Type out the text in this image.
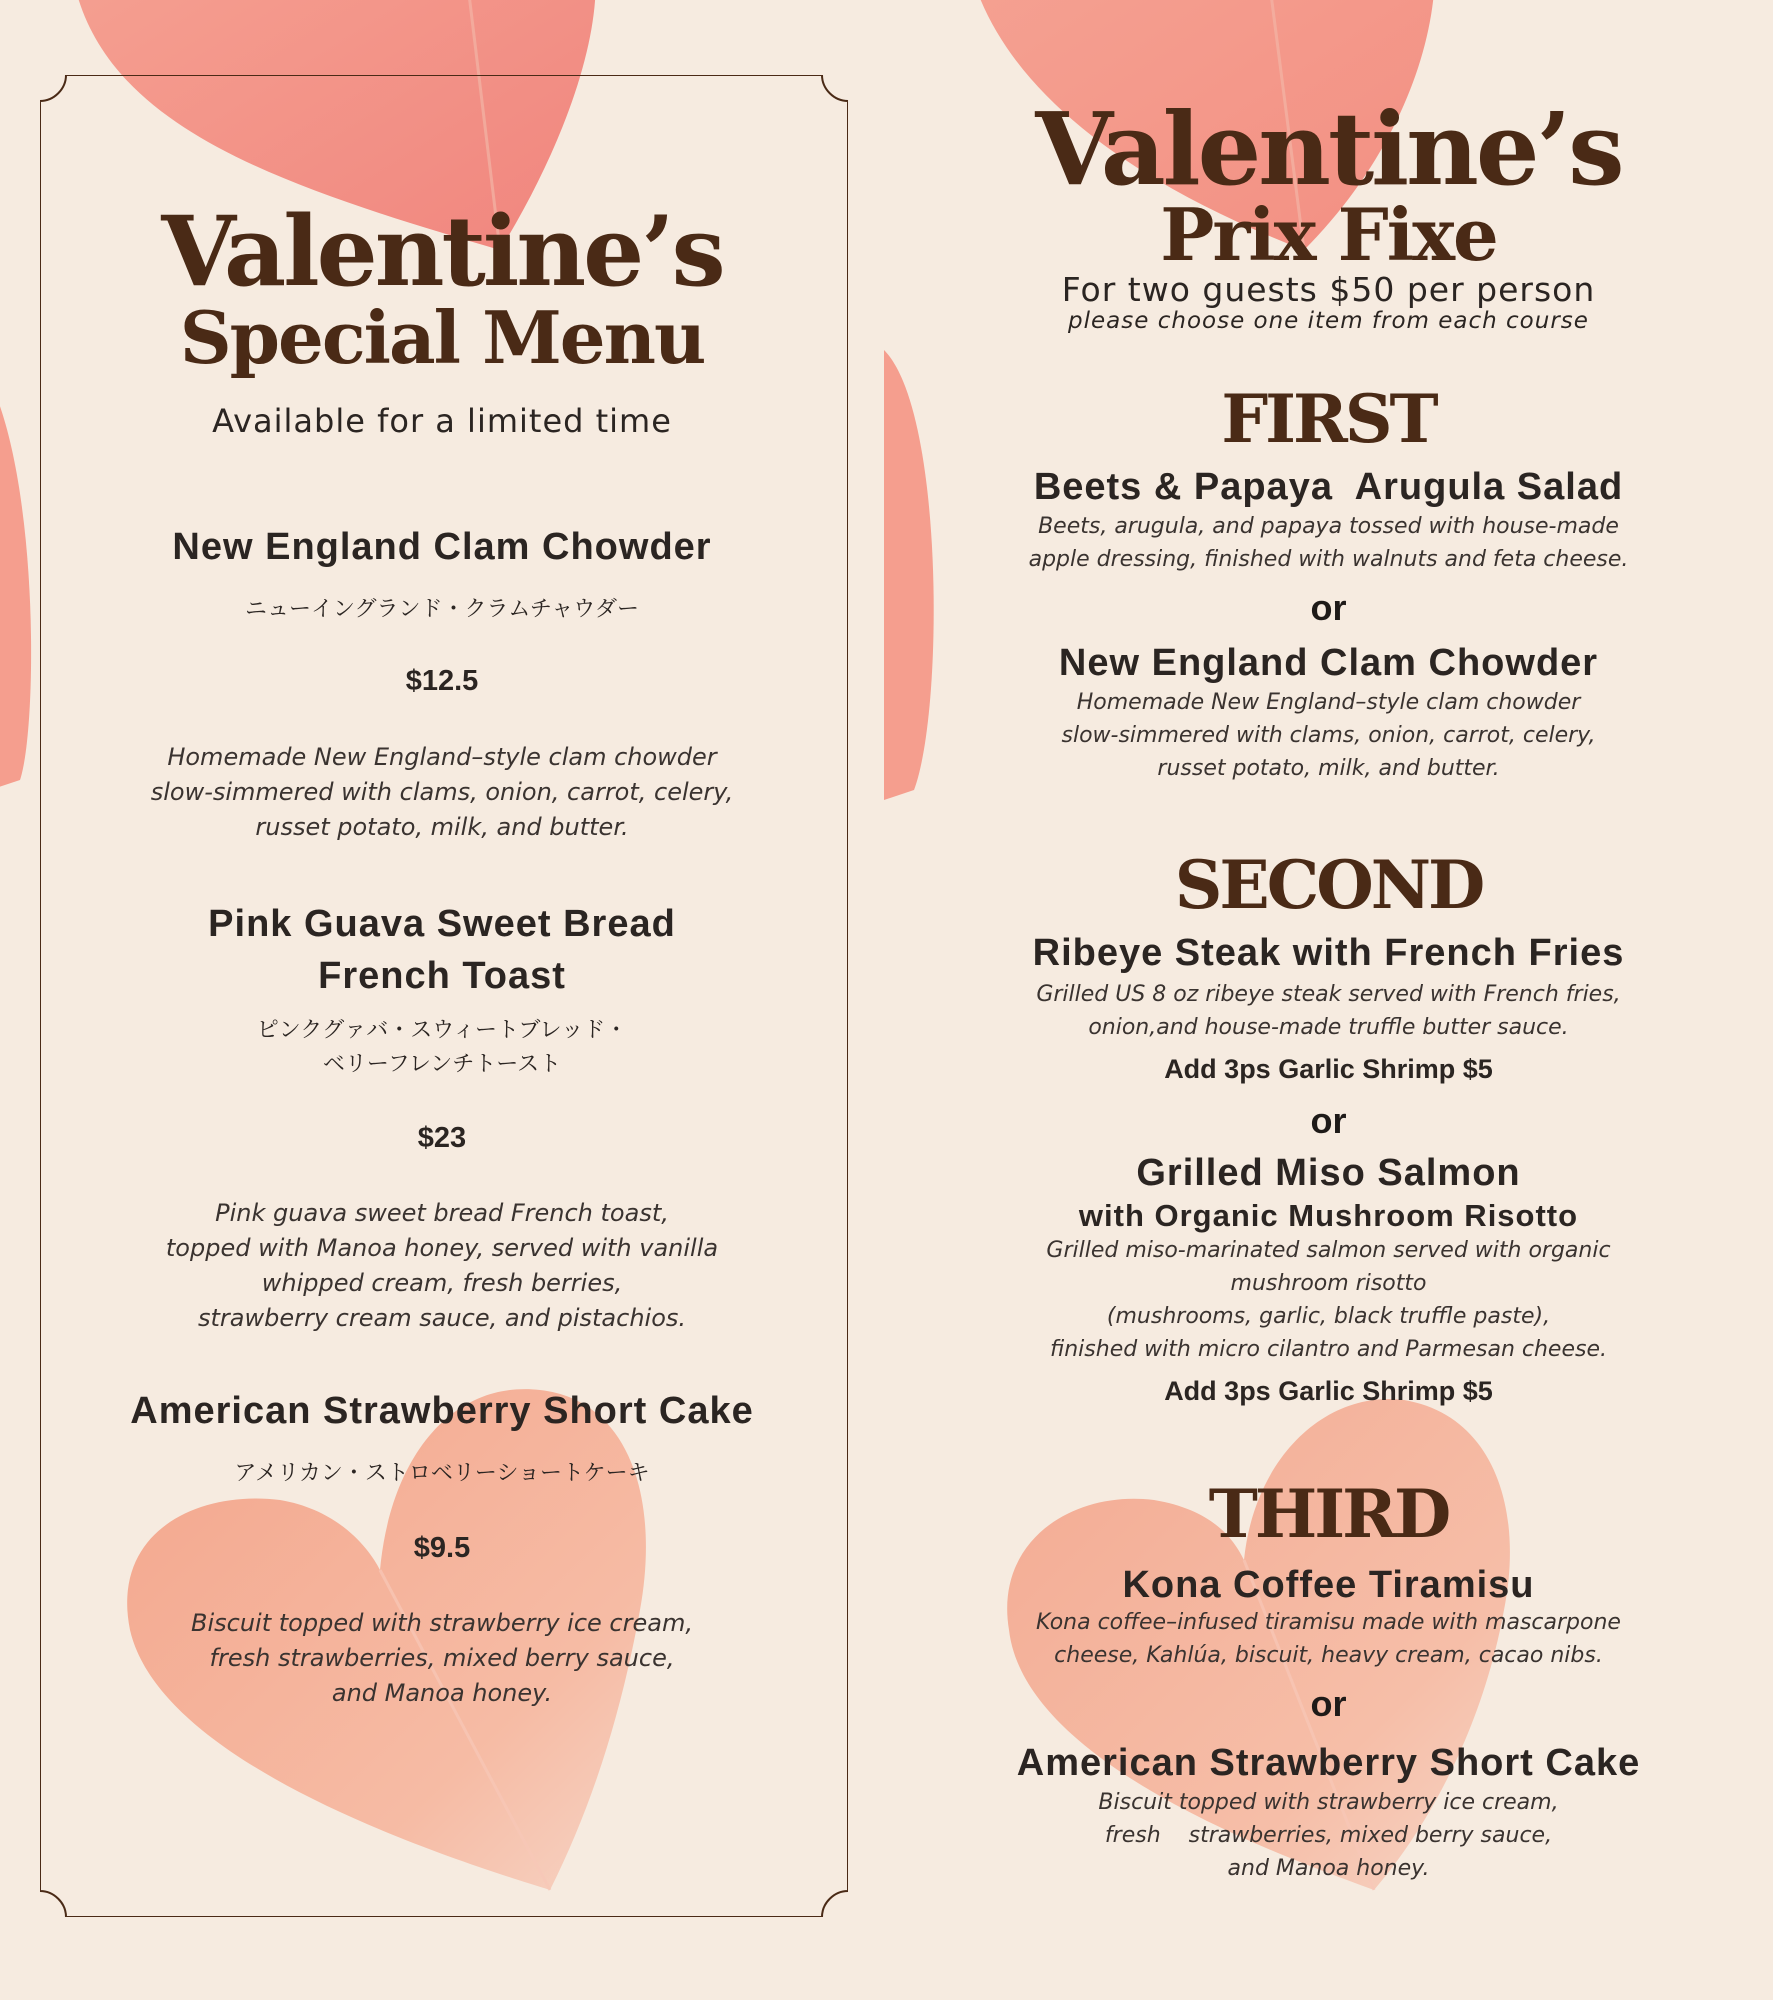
Valentine’s
Special Menu
Available for a limited time
New England Clam Chowder
ニューイングランド・クラムチャウダー
$12.5
Homemade New England–style clam chowder
slow-simmered with clams, onion, carrot, celery,
russet potato, milk, and butter.
Pink Guava Sweet Bread
French Toast
ピンクグァバ・スウィートブレッド・
ベリーフレンチトースト
$23
Pink guava sweet bread French toast,
topped with Manoa honey, served with vanilla
whipped cream, fresh berries,
strawberry cream sauce, and pistachios.
American Strawberry Short Cake
アメリカン・ストロベリーショートケーキ
$9.5
Biscuit topped with strawberry ice cream,
fresh strawberries, mixed berry sauce,
and Manoa honey.
Valentine’s
Prix Fixe
For two guests $50 per person
please choose one item from each course
FIRST
Beets & Papaya  Arugula Salad
Beets, arugula, and papaya tossed with house-made
apple dressing, finished with walnuts and feta cheese.
or
New England Clam Chowder
Homemade New England–style clam chowder
slow-simmered with clams, onion, carrot, celery,
russet potato, milk, and butter.
SECOND
Ribeye Steak with French Fries
Grilled US 8 oz ribeye steak served with French fries,
onion,and house-made truffle butter sauce.
Add 3ps Garlic Shrimp $5
or
Grilled Miso Salmon
with Organic Mushroom Risotto
Grilled miso-marinated salmon served with organic
mushroom risotto
(mushrooms, garlic, black truffle paste),
finished with micro cilantro and Parmesan cheese.
Add 3ps Garlic Shrimp $5
THIRD
Kona Coffee Tiramisu
Kona coffee–infused tiramisu made with mascarpone
cheese, Kahlúa, biscuit, heavy cream, cacao nibs.
or
American Strawberry Short Cake
Biscuit topped with strawberry ice cream,
fresh    strawberries, mixed berry sauce,
and Manoa honey.
